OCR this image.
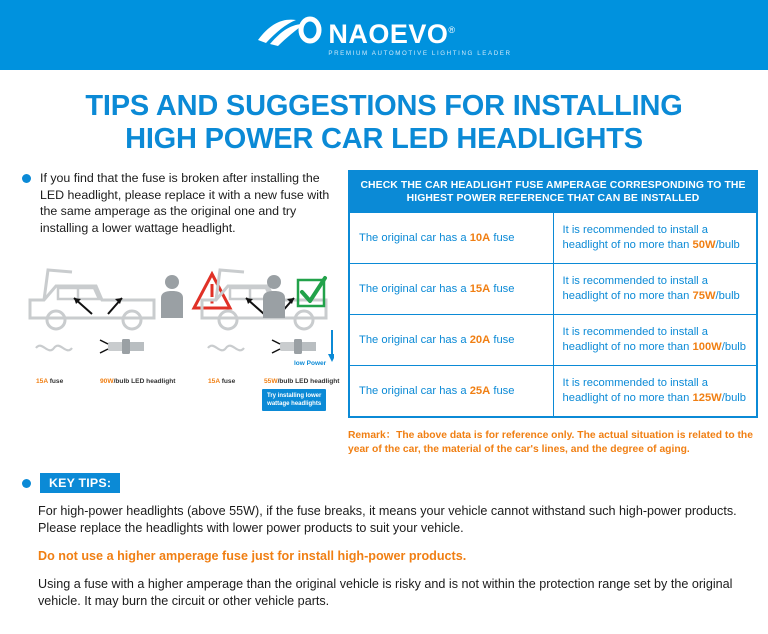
NAOEVO®
PREMIUM AUTOMOTIVE LIGHTING LEADER
TIPS AND SUGGESTIONS FOR INSTALLING
HIGH POWER CAR LED HEADLIGHTS
If you find that the fuse is broken after installing the LED headlight, please replace it with a new fuse with the same amperage as the original one and try installing a lower wattage headlight.
15A fuse	90W/bulb LED headlight	15A fuse	55W/bulb LED headlight
low Power
Try installing lower
wattage headlights
CHECK THE CAR HEADLIGHT FUSE AMPERAGE CORRESPONDING TO THE HIGHEST POWER REFERENCE THAT CAN BE INSTALLED	
The original car has a 10A fuse	It is recommended to install a headlight of no more than 50W/bulb
The original car has a 15A fuse	It is recommended to install a headlight of no more than 75W/bulb
The original car has a 20A fuse	It is recommended to install a headlight of no more than 100W/bulb
The original car has a 25A fuse	It is recommended to install a headlight of no more than 125W/bulb
Remark：The above data is for reference only. The actual situation is related to the year of the car, the material of the car's lines, and the degree of aging.
KEY TIPS:
For high-power headlights (above 55W), if the fuse breaks, it means your vehicle cannot withstand such high-power products. Please replace the headlights with lower power products to suit your vehicle.
Do not use a higher amperage fuse just for install high-power products.
Using a fuse with a higher amperage than the original vehicle is risky and is not within the protection range set by the original vehicle. It may burn the circuit or other vehicle parts.
